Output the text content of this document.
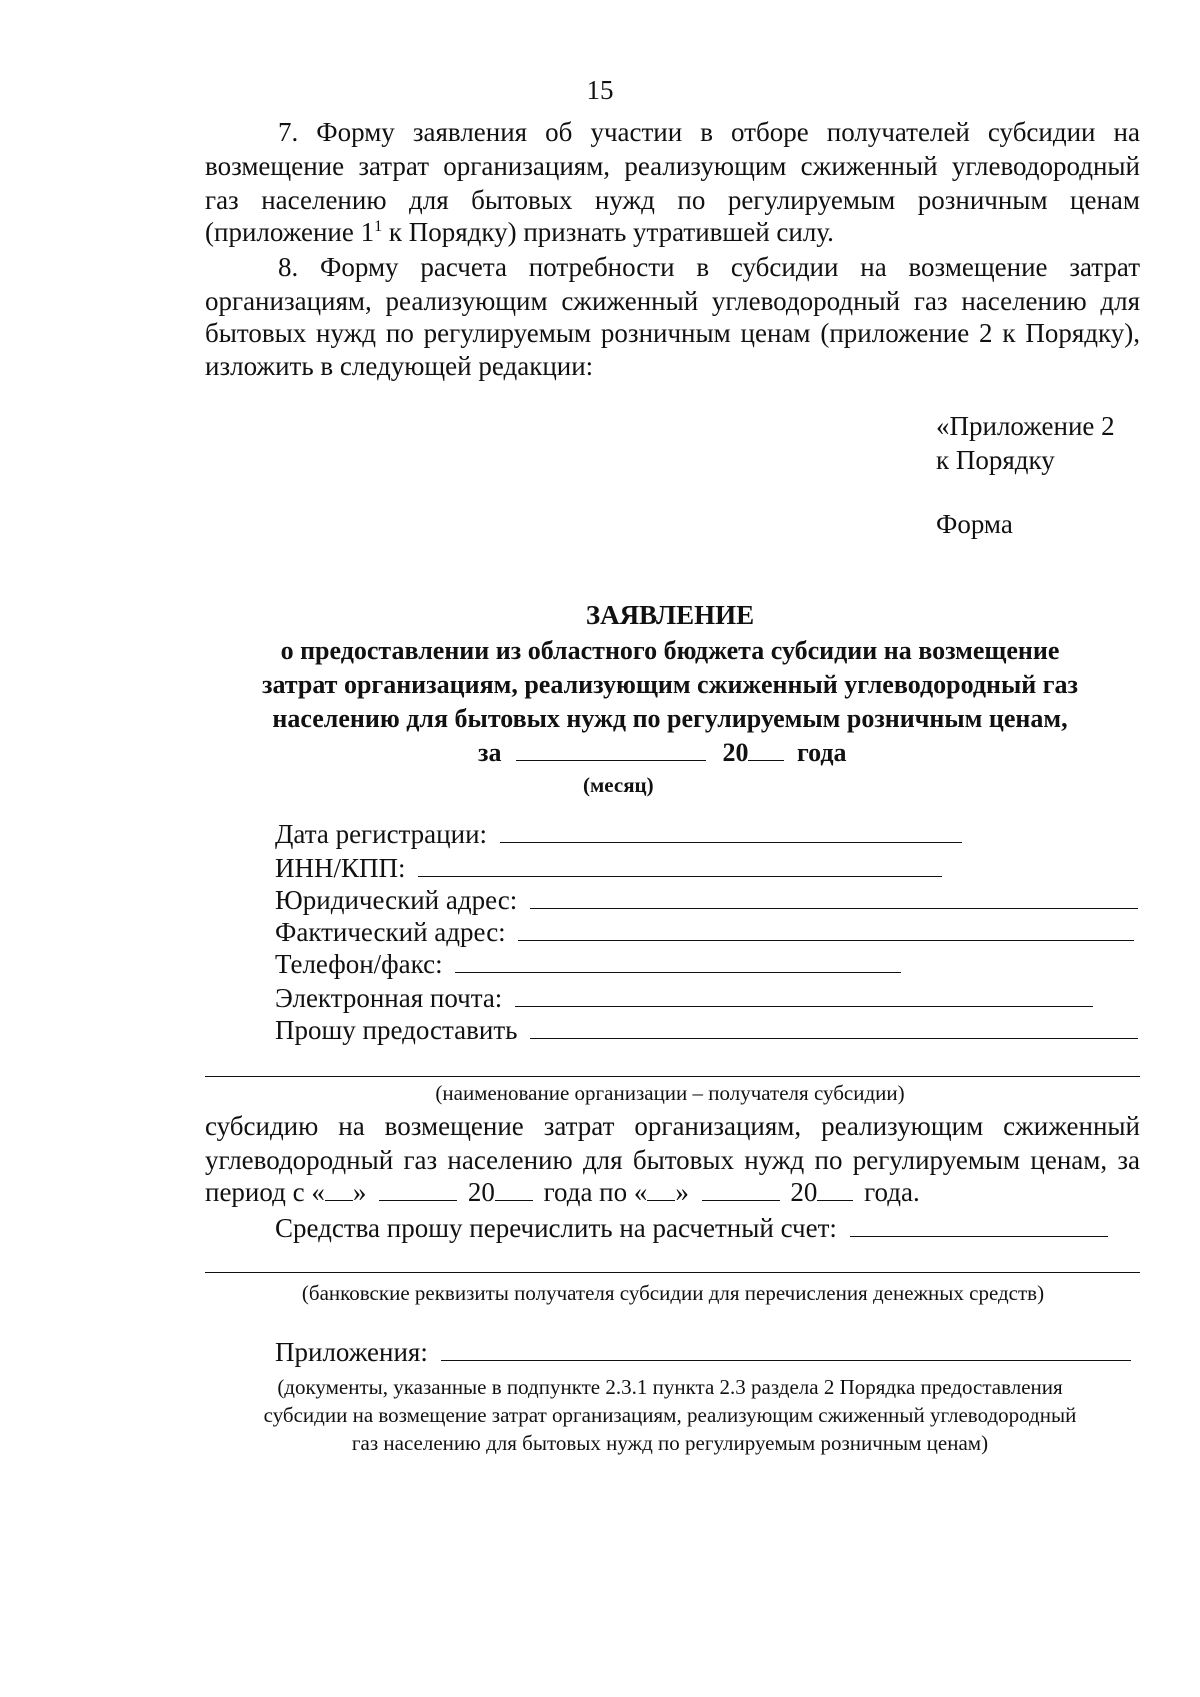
15
7. Форму заявления об участии в отборе получателей субсидии на
возмещение затрат организациям, реализующим сжиженный углеводородный
газ населению для бытовых нужд по регулируемым розничным ценам
(приложение $1^1$ к Порядку) признать утратившей силу.
8. Форму расчета потребности в субсидии на возмещение затрат
организациям, реализующим сжиженный углеводородный газ населению для
бытовых нужд по регулируемым розничным ценам (приложение 2 к Порядку),
изложить в следующей редакции:
«Приложение 2
к Порядку
Форма
ЗАЯВЛЕНИЕ
о предоставлении из областного бюджета субсидии на возмещение
затрат организациям, реализующим сжиженный углеводородный газ
населению для бытовых нужд по регулируемым розничным ценам,
за	20 года
(месяц)
Дата регистрации:
ИНН/КПП:
Юридический адрес:
Фактический адрес:
Телефон/факс:
Электронная почта:
Прошу предоставить
(наименование организации – получателя субсидии)
субсидию на возмещение затрат организациям, реализующим сжиженный
углеводородный газ населению для бытовых нужд по регулируемым ценам, за
период с « »	20 года по « »	20 года.
Средства прошу перечислить на расчетный счет:
(банковские реквизиты получателя субсидии для перечисления денежных средств)
Приложения:
(документы, указанные в подпункте 2.3.1 пункта 2.3 раздела 2 Порядка предоставления
субсидии на возмещение затрат организациям, реализующим сжиженный углеводородный
газ населению для бытовых нужд по регулируемым розничным ценам)
